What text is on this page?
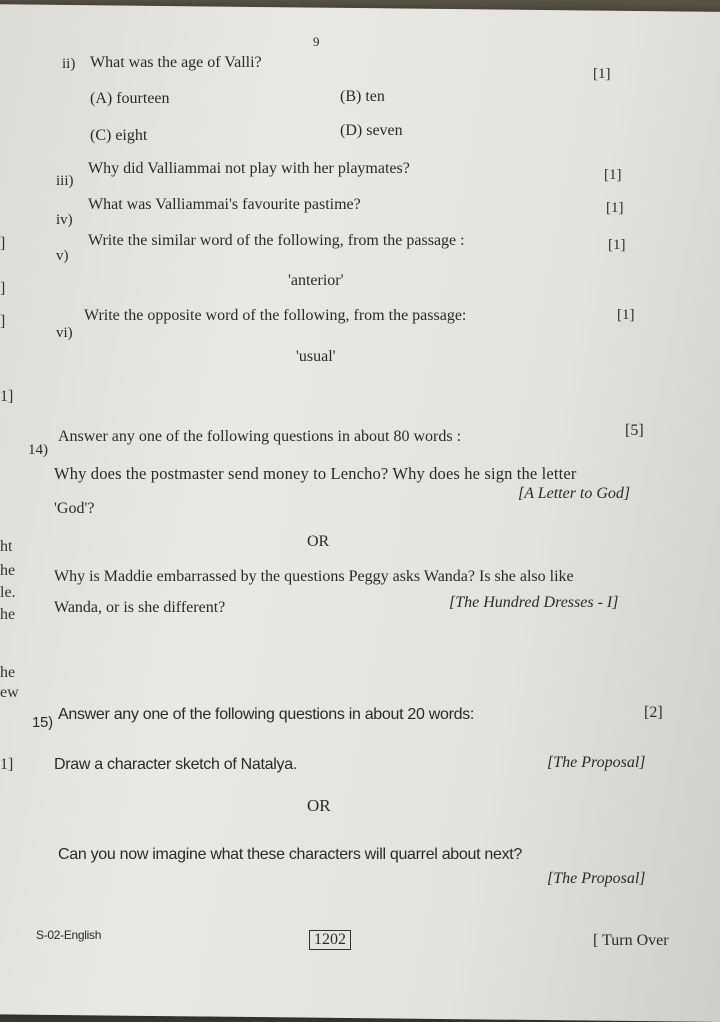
9
ii) What was the age of Valli?
[1]
(A) fourteen	(B) ten
(C) eight	(D) seven
iii)
Why did Valliammai not play with her playmates?	[1]
iv)
What was Valliammai's favourite pastime?	[1]
v)
Write the similar word of the following, from the passage :	[1]
'anterior'
vi)
Write the opposite word of the following, from the passage:	[1]
'usual'
14)
Answer any one of the following questions in about 80 words :	[5]
Why does the postmaster send money to Lencho? Why does he sign the letter
'God'?
[A Letter to God]
OR
Why is Maddie embarrassed by the questions Peggy asks Wanda? Is she also like
Wanda, or is she different?	[The Hundred Dresses - I]
15) Answer any one of the following questions in about 20 words:	[2]
Draw a character sketch of Natalya.	[The Proposal]
OR
Can you now imagine what these characters will quarrel about next?
[The Proposal]
S-02-English	1202	[ Turn Over
]
]
]
1]
ht
he
le.
he
he
ew
1]
